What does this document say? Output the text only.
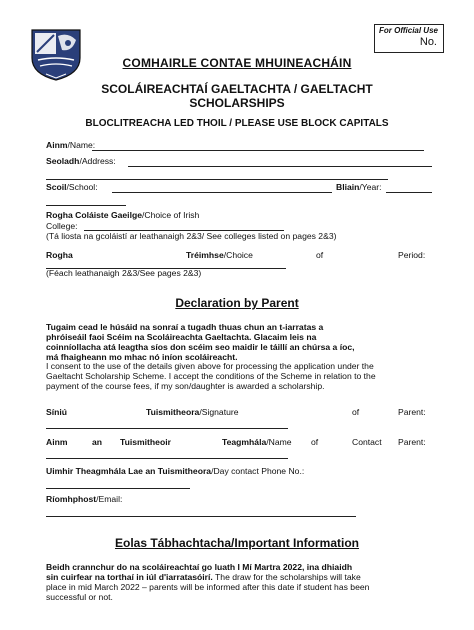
For Official Use
No.
COMHAIRLE CONTAE MHUINEACHÁIN
SCOLÁIREACHTAÍ GAELTACHTA / GAELTACHT
SCHOLARSHIPS
BLOCLITREACHA LED THOIL / PLEASE USE BLOCK CAPITALS
Ainm/Name:
Seoladh/Address:
Scoil/School:	Bliain/Year:
Rogha Coláiste Gaeilge/Choice of Irish
College:
(Tá liosta na gcoláistí ar leathanaigh 2&3/ See colleges listed on pages 2&3)
Rogha	Tréimhse/Choice	of	Period:
(Féach leathanaigh 2&3/See pages 2&3)
Declaration by Parent
Tugaim cead le húsáid na sonraí a tugadh thuas chun an t-iarratas a
phróiseáil faoi Scéim na Scoláireachta Gaeltachta. Glacaim leis na
coinníollacha atá leagtha síos don scéim seo maidir le táillí an chúrsa a íoc,
má fhaigheann mo mhac nó iníon scoláireacht.
I consent to the use of the details given above for processing the application under the
Gaeltacht Scholarship Scheme. I accept the conditions of the Scheme in relation to the
payment of the course fees, if my son/daughter is awarded a scholarship.
Síniú	Tuismitheora/Signature	of	Parent:
Ainm	an Tuismitheoir	Teagmhála/Name of	Contact Parent:
Uimhir Theagmhála Lae an Tuismitheora/Day contact Phone No.:
Ríomhphost/Email:
Eolas Tábhachtacha/Important Information
Beidh crannchur do na scoláireachtaí go luath I Mí Martra 2022, ina dhiaidh
sin cuirfear na torthaí in iúl d'iarratasóirí. The draw for the scholarships will take
place in mid March 2022 – parents will be informed after this date if student has been
successful or not.
